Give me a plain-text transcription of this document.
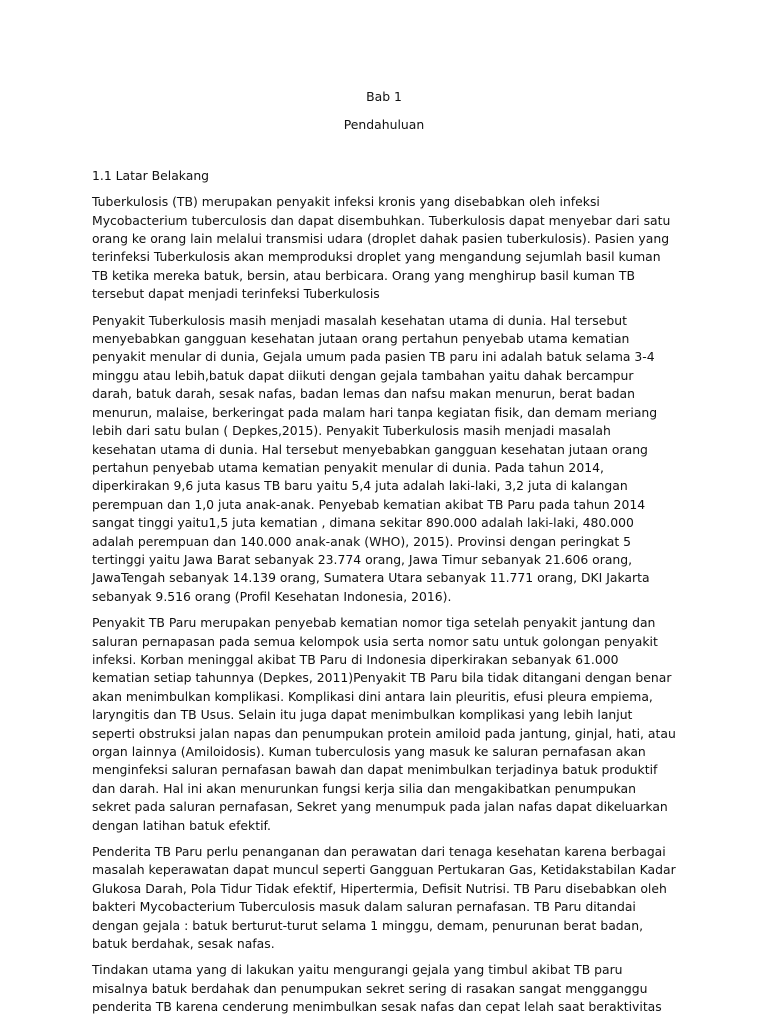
Bab 1

Pendahuluan

1.1 Latar Belakang

Tuberkulosis (TB) merupakan penyakit infeksi kronis yang disebabkan oleh infeksi Mycobacterium tuberculosis dan dapat disembuhkan. Tuberkulosis dapat menyebar dari satu orang ke orang lain melalui transmisi udara (droplet dahak pasien tuberkulosis). Pasien yang terinfeksi Tuberkulosis akan memproduksi droplet yang mengandung sejumlah basil kuman TB ketika mereka batuk, bersin, atau berbicara. Orang yang menghirup basil kuman TB tersebut dapat menjadi terinfeksi Tuberkulosis

Penyakit Tuberkulosis masih menjadi masalah kesehatan utama di dunia. Hal tersebut menyebabkan gangguan kesehatan jutaan orang pertahun penyebab utama kematian penyakit menular di dunia, Gejala umum pada pasien TB paru ini adalah batuk selama 3-4 minggu atau lebih,batuk dapat diikuti dengan gejala tambahan yaitu dahak bercampur darah, batuk darah, sesak nafas, badan lemas dan nafsu makan menurun, berat badan menurun, malaise, berkeringat pada malam hari tanpa kegiatan fisik, dan demam meriang lebih dari satu bulan ( Depkes,2015). Penyakit Tuberkulosis masih menjadi masalah kesehatan utama di dunia. Hal tersebut menyebabkan gangguan kesehatan jutaan orang pertahun penyebab utama kematian penyakit menular di dunia. Pada tahun 2014, diperkirakan 9,6 juta kasus TB baru yaitu 5,4 juta adalah laki-laki, 3,2 juta di kalangan perempuan dan 1,0 juta anak-anak. Penyebab kematian akibat TB Paru pada tahun 2014 sangat tinggi yaitu1,5 juta kematian , dimana sekitar 890.000 adalah laki-laki, 480.000 adalah perempuan dan 140.000 anak-anak (WHO), 2015). Provinsi dengan peringkat 5 tertinggi yaitu Jawa Barat sebanyak 23.774 orang, Jawa Timur sebanyak 21.606 orang, JawaTengah sebanyak 14.139 orang, Sumatera Utara sebanyak 11.771 orang, DKI Jakarta sebanyak 9.516 orang (Profil Kesehatan Indonesia, 2016).

Penyakit TB Paru merupakan penyebab kematian nomor tiga setelah penyakit jantung dan saluran pernapasan pada semua kelompok usia serta nomor satu untuk golongan penyakit infeksi. Korban meninggal akibat TB Paru di Indonesia diperkirakan sebanyak 61.000 kematian setiap tahunnya (Depkes, 2011)Penyakit TB Paru bila tidak ditangani dengan benar akan menimbulkan komplikasi. Komplikasi dini antara lain pleuritis, efusi pleura empiema, laryngitis dan TB Usus. Selain itu juga dapat menimbulkan komplikasi yang lebih lanjut seperti obstruksi jalan napas dan penumpukan protein amiloid pada jantung, ginjal, hati, atau organ lainnya (Amiloidosis). Kuman tuberculosis yang masuk ke saluran pernafasan akan menginfeksi saluran pernafasan bawah dan dapat menimbulkan terjadinya batuk produktif dan darah. Hal ini akan menurunkan fungsi kerja silia dan mengakibatkan penumpukan sekret pada saluran pernafasan, Sekret yang menumpuk pada jalan nafas dapat dikeluarkan dengan latihan batuk efektif.

Penderita TB Paru perlu penanganan dan perawatan dari tenaga kesehatan karena berbagai masalah keperawatan dapat muncul seperti Gangguan Pertukaran Gas, Ketidakstabilan Kadar Glukosa Darah, Pola Tidur Tidak efektif, Hipertermia, Defisit Nutrisi. TB Paru disebabkan oleh bakteri Mycobacterium Tuberculosis masuk dalam saluran pernafasan. TB Paru ditandai dengan gejala : batuk berturut-turut selama 1 minggu, demam, penurunan berat badan, batuk berdahak, sesak nafas.

Tindakan utama yang di lakukan yaitu mengurangi gejala yang timbul akibat TB paru misalnya batuk berdahak dan penumpukan sekret sering di rasakan sangat mengganggu penderita TB karena cenderung menimbulkan sesak nafas dan cepat lelah saat beraktivitas
